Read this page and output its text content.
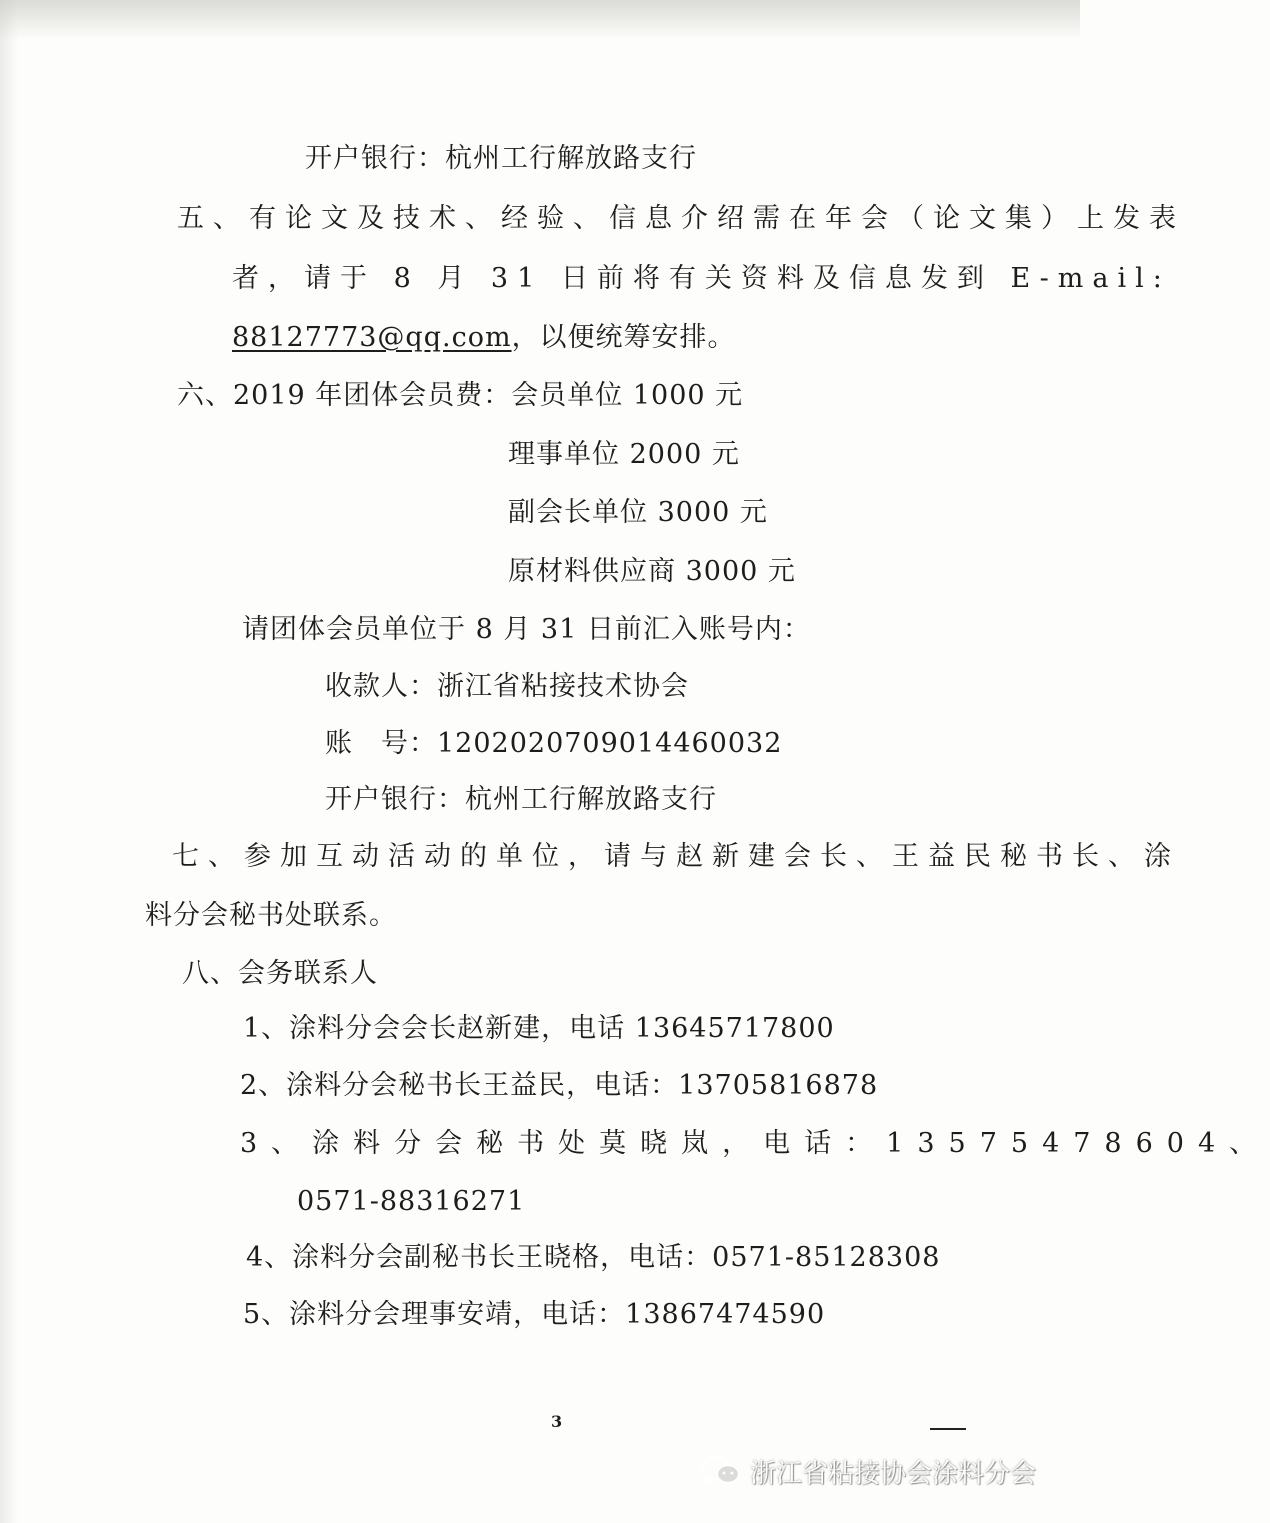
开户银行：杭州工行解放路支行
五、有论文及技术、经验、信息介绍需在年会（论文集）上发表
者，请于 8 月 31 日前将有关资料及信息发到 E-mail:
88127773@qq.com，以便统筹安排。
六、2019 年团体会员费：会员单位 1000 元
理事单位 2000 元
副会长单位 3000 元
原材料供应商 3000 元
请团体会员单位于 8 月 31 日前汇入账号内：
收款人：浙江省粘接技术协会
账　号：1202020709014460032
开户银行：杭州工行解放路支行
七、参加互动活动的单位，请与赵新建会长、王益民秘书长、涂
料分会秘书处联系。
八、会务联系人
1、涂料分会会长赵新建，电话 13645717800
2、涂料分会秘书长王益民，电话：13705816878
3、涂料分会秘书处莫晓岚，电话：13575478604、
0571-88316271
4、涂料分会副秘书长王晓格，电话：0571-85128308
5、涂料分会理事安靖，电话：13867474590
3
浙江省粘接协会涂料分会
